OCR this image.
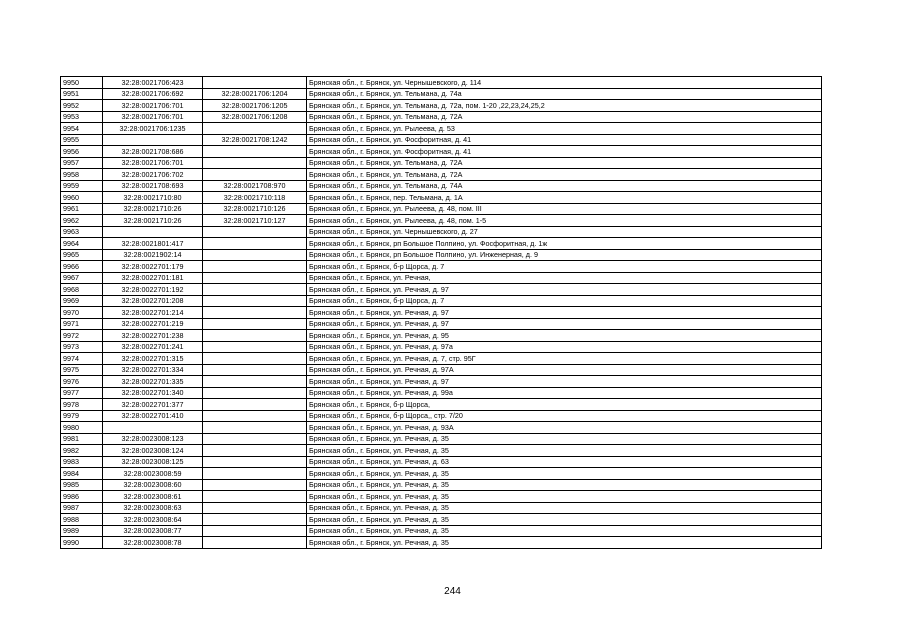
9950	32:28:0021706:423		Брянская обл., г. Брянск, ул. Чернышевского, д. 114
9951	32:28:0021706:692	32:28:0021706:1204	Брянская обл., г. Брянск, ул. Тельмана, д. 74а
9952	32:28:0021706:701	32:28:0021706:1205	Брянская обл., г. Брянск, ул. Тельмана, д. 72а, пом. 1-20 ,22,23,24,25,2
9953	32:28:0021706:701	32:28:0021706:1208	Брянская обл., г. Брянск, ул. Тельмана, д. 72А
9954	32:28:0021706:1235		Брянская обл., г. Брянск, ул. Рылеева, д. 53
9955		32:28:0021708:1242	Брянская обл., г. Брянск, ул. Фосфоритная, д. 41
9956	32:28:0021708:686		Брянская обл., г. Брянск, ул. Фосфоритная, д. 41
9957	32:28:0021706:701		Брянская обл., г. Брянск, ул. Тельмана, д. 72А
9958	32:28:0021706:702		Брянская обл., г. Брянск, ул. Тельмана, д. 72А
9959	32:28:0021708:693	32:28:0021708:970	Брянская обл., г. Брянск, ул. Тельмана, д. 74А
9960	32:28:0021710:80	32:28:0021710:118	Брянская обл., г. Брянск, пер. Тельмана, д. 1А
9961	32:28:0021710:26	32:28:0021710:126	Брянская обл., г. Брянск, ул. Рылеева, д. 48, пом. III
9962	32:28:0021710:26	32:28:0021710:127	Брянская обл., г. Брянск, ул. Рылеева, д. 48, пом. 1-5
9963			Брянская обл., г. Брянск, ул. Чернышевского, д. 27
9964	32:28:0021801:417		Брянская обл., г. Брянск, рп Большое Полпино, ул. Фосфоритная, д. 1ж
9965	32:28:0021902:14		Брянская обл., г. Брянск, рп Большое Полпино, ул. Инженерная, д. 9
9966	32:28:0022701:179		Брянская обл., г. Брянск, б-р Щорса, д. 7
9967	32:28:0022701:181		Брянская обл., г. Брянск, ул. Речная,
9968	32:28:0022701:192		Брянская обл., г. Брянск, ул. Речная, д. 97
9969	32:28:0022701:208		Брянская обл., г. Брянск, б-р Щорса, д. 7
9970	32:28:0022701:214		Брянская обл., г. Брянск, ул. Речная, д. 97
9971	32:28:0022701:219		Брянская обл., г. Брянск, ул. Речная, д. 97
9972	32:28:0022701:238		Брянская обл., г. Брянск, ул. Речная, д. 95
9973	32:28:0022701:241		Брянская обл., г. Брянск, ул. Речная, д. 97а
9974	32:28:0022701:315		Брянская обл., г. Брянск, ул. Речная, д. 7, стр. 95Г
9975	32:28:0022701:334		Брянская обл., г. Брянск, ул. Речная, д. 97А
9976	32:28:0022701:335		Брянская обл., г. Брянск, ул. Речная, д. 97
9977	32:28:0022701:340		Брянская обл., г. Брянск, ул. Речная, д. 99а
9978	32:28:0022701:377		Брянская обл., г. Брянск, б-р Щорса,
9979	32:28:0022701:410		Брянская обл., г. Брянск, б-р Щорса,, стр. 7/20
9980			Брянская обл., г. Брянск, ул. Речная, д. 93А
9981	32:28:0023008:123		Брянская обл., г. Брянск, ул. Речная, д. 35
9982	32:28:0023008:124		Брянская обл., г. Брянск, ул. Речная, д. 35
9983	32:28:0023008:125		Брянская обл., г. Брянск, ул. Речная, д. 63
9984	32:28:0023008:59		Брянская обл., г. Брянск, ул. Речная, д. 35
9985	32:28:0023008:60		Брянская обл., г. Брянск, ул. Речная, д. 35
9986	32:28:0023008:61		Брянская обл., г. Брянск, ул. Речная, д. 35
9987	32:28:0023008:63		Брянская обл., г. Брянск, ул. Речная, д. 35
9988	32:28:0023008:64		Брянская обл., г. Брянск, ул. Речная, д. 35
9989	32:28:0023008:77		Брянская обл., г. Брянск, ул. Речная, д. 35
9990	32:28:0023008:78		Брянская обл., г. Брянск, ул. Речная, д. 35
244
